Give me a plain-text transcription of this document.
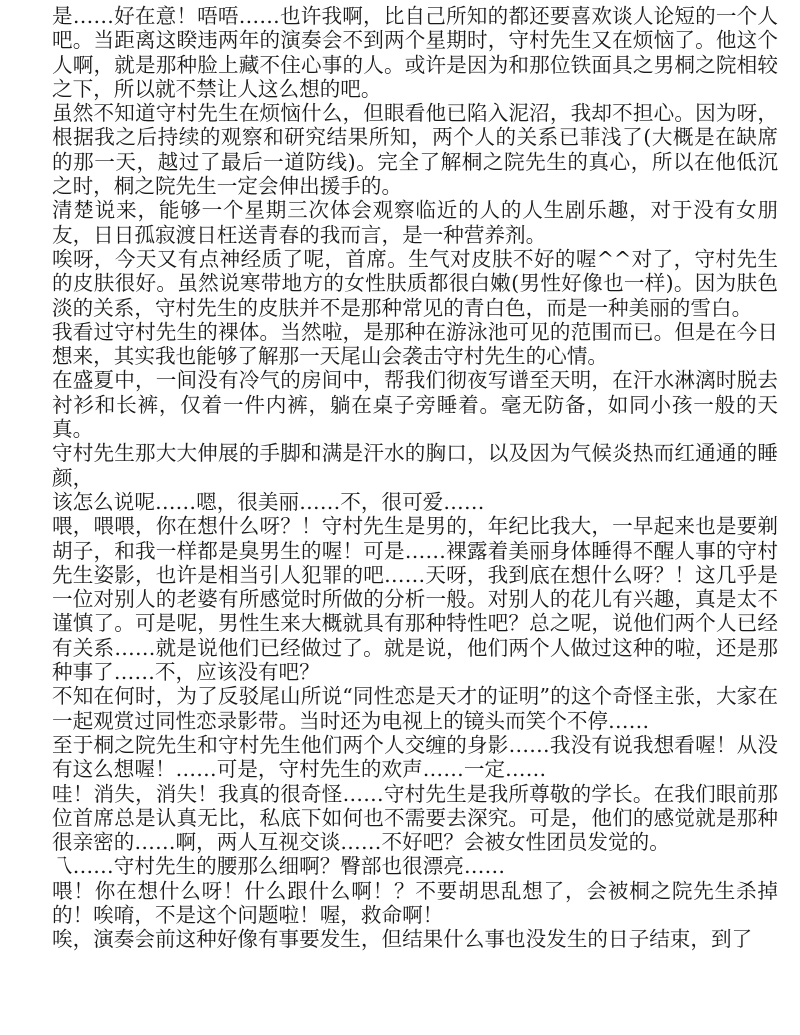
是……好在意！唔唔……也许我啊，比自己所知的都还要喜欢谈人论短的一个人吧。当距离这睽违两年的演奏会不到两个星期时，守村先生又在烦恼了。他这个人啊，就是那种脸上藏不住心事的人。或许是因为和那位铁面具之男桐之院相较之下，所以就不禁让人这么想的吧。

虽然不知道守村先生在烦恼什么，但眼看他已陷入泥沼，我却不担心。因为呀，根据我之后持续的观察和研究结果所知，两个人的关系已菲浅了(大概是在缺席的那一天，越过了最后一道防线)。完全了解桐之院先生的真心，所以在他低沉之时，桐之院先生一定会伸出援手的。

清楚说来，能够一个星期三次体会观察临近的人的人生剧乐趣，对于没有女朋友，日日孤寂渡日枉送青春的我而言，是一种营养剂。

唉呀，今天又有点神经质了呢，首席。生气对皮肤不好的喔^^对了，守村先生的皮肤很好。虽然说寒带地方的女性肤质都很白嫩(男性好像也一样)。因为肤色淡的关系，守村先生的皮肤并不是那种常见的青白色，而是一种美丽的雪白。

我看过守村先生的裸体。当然啦，是那种在游泳池可见的范围而已。但是在今日想来，其实我也能够了解那一天尾山会袭击守村先生的心情。

在盛夏中，一间没有冷气的房间中，帮我们彻夜写谱至天明，在汗水淋漓时脱去衬衫和长裤，仅着一件内裤，躺在桌子旁睡着。毫无防备，如同小孩一般的天真。

守村先生那大大伸展的手脚和满是汗水的胸口，以及因为气候炎热而红通通的睡颜，

该怎么说呢……嗯，很美丽……不，很可爱……

喂，喂喂，你在想什么呀？！守村先生是男的，年纪比我大，一早起来也是要剃胡子，和我一样都是臭男生的喔！可是……裸露着美丽身体睡得不醒人事的守村先生姿影，也许是相当引人犯罪的吧……天呀，我到底在想什么呀？！这几乎是一位对别人的老婆有所感觉时所做的分析一般。对别人的花儿有兴趣，真是太不谨慎了。可是呢，男性生来大概就具有那种特性吧？总之呢，说他们两个人已经有关系……就是说他们已经做过了。就是说，他们两个人做过这种的啦，还是那种事了……不，应该没有吧？

不知在何时，为了反驳尾山所说“同性恋是天才的证明”的这个奇怪主张，大家在一起观赏过同性恋录影带。当时还为电视上的镜头而笑个不停……

至于桐之院先生和守村先生他们两个人交缠的身影……我没有说我想看喔！从没有这么想喔！……可是，守村先生的欢声……一定……

哇！消失，消失！我真的很奇怪……守村先生是我所尊敬的学长。在我们眼前那位首席总是认真无比，私底下如何也不需要去深究。可是，他们的感觉就是那种很亲密的……啊，两人互视交谈……不好吧？会被女性团员发觉的。

乁……守村先生的腰那么细啊？臀部也很漂亮……

喂！你在想什么呀！什么跟什么啊！？不要胡思乱想了，会被桐之院先生杀掉的！唉唷，不是这个问题啦！喔，救命啊！

唉，演奏会前这种好像有事要发生，但结果什么事也没发生的日子结束，到了
